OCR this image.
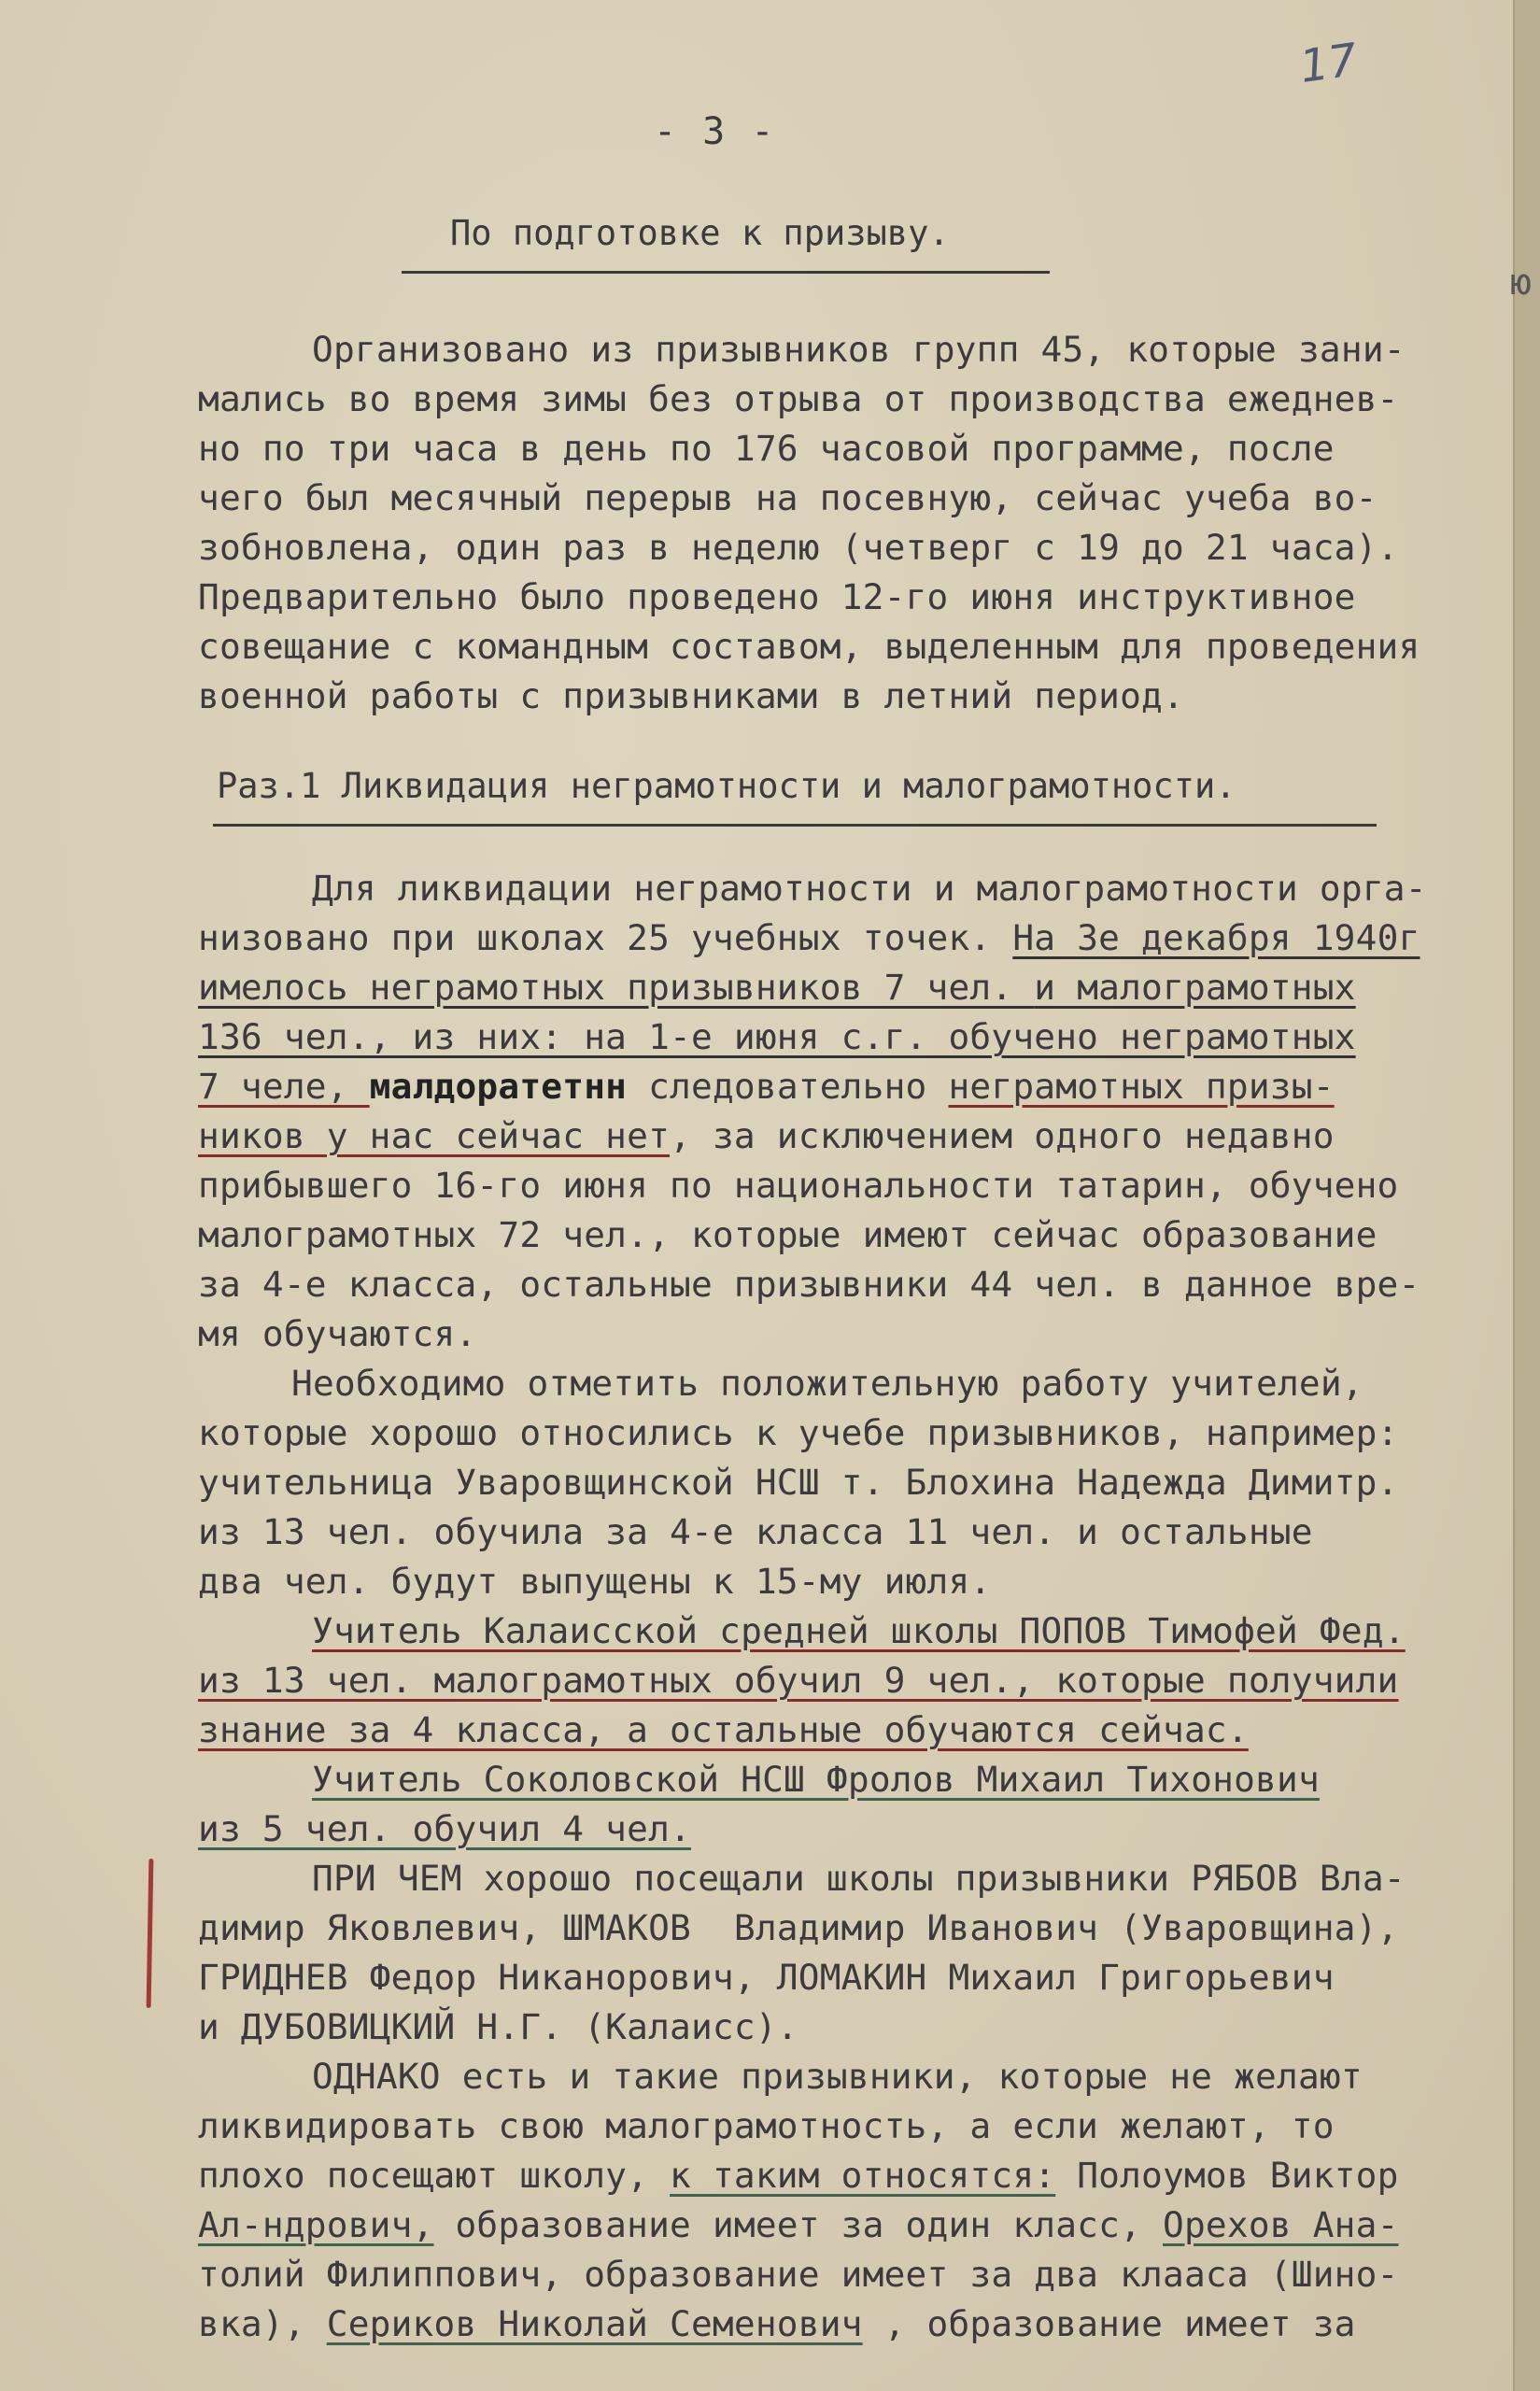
ю
17
- 3 -
По подготовке к призыву.
Организовано из призывников групп 45, которые зани-
мались во время зимы без отрыва от производства ежеднев-
но по три часа в день по 176 часовой программе, после
чего был месячный перерыв на посевную, сейчас учеба во-
зобновлена, один раз в неделю (четверг с 19 до 21 часа).
Предварительно было проведено 12-го июня инструктивное
совещание с командным составом, выделенным для проведения
военной работы с призывниками в летний период.
Раз.1 Ликвидация неграмотности и малограмотности.
Для ликвидации неграмотности и малограмотности орга-
низовано при школах 25 учебных точек. На 3е декабря 1940г
имелось неграмотных призывников 7 чел. и малограмотных
136 чел., из них: на 1-е июня с.г. обучено неграмотных
7 челе, малдоратетнн следовательно неграмотных призы-
ников у нас сейчас нет, за исключением одного недавно
прибывшего 16-го июня по национальности татарин, обучено
малограмотных 72 чел., которые имеют сейчас образование
за 4-е класса, остальные призывники 44 чел. в данное вре-
мя обучаются.
Необходимо отметить положительную работу учителей,
которые хорошо относились к учебе призывников, например:
учительница Уваровщинской НСШ т. Блохина Надежда Димитр.
из 13 чел. обучила за 4-е класса 11 чел. и остальные
два чел. будут выпущены к 15-му июля.
Учитель Калаисской средней школы ПОПОВ Тимофей Фед.
из 13 чел. малограмотных обучил 9 чел., которые получили
знание за 4 класса, а остальные обучаются сейчас.
Учитель Соколовской НСШ Фролов Михаил Тихонович
из 5 чел. обучил 4 чел.
ПРИ ЧЕМ хорошо посещали школы призывники РЯБОВ Вла-
димир Яковлевич, ШМАКОВ  Владимир Иванович (Уваровщина),
ГРИДНЕВ Федор Никанорович, ЛОМАКИН Михаил Григорьевич
и ДУБОВИЦКИЙ Н.Г. (Калаисс).
ОДНАКО есть и такие призывники, которые не желают
ликвидировать свою малограмотность, а если желают, то
плохо посещают школу, к таким относятся: Полоумов Виктор
Ал-ндрович, образование имеет за один класс, Орехов Ана-
толий Филиппович, образование имеет за два клааса (Шино-
вка), Сериков Николай Семенович , образование имеет за
